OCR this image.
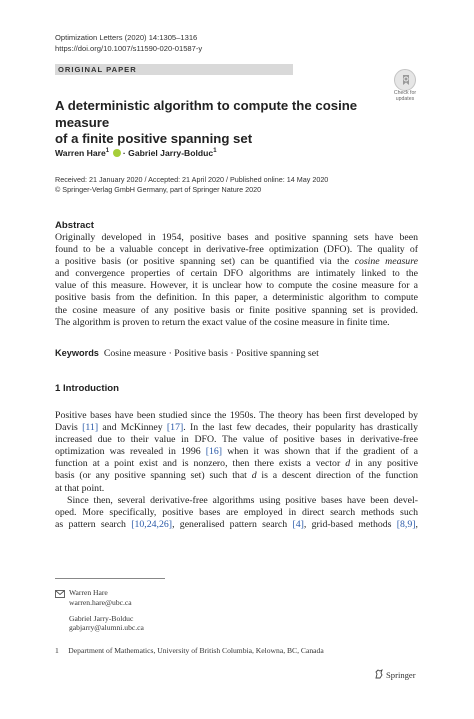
Optimization Letters (2020) 14:1305–1316
https://doi.org/10.1007/s11590-020-01587-y
ORIGINAL PAPER
Check for
updates
A deterministic algorithm to compute the cosine measure
of a finite positive spanning set
Warren Hare$^1$  · Gabriel Jarry-Bolduc$^1$
Received: 21 January 2020 / Accepted: 21 April 2020 / Published online: 14 May 2020
© Springer-Verlag GmbH Germany, part of Springer Nature 2020
Abstract
Originally developed in 1954, positive bases and positive spanning sets have been
found to be a valuable concept in derivative-free optimization (DFO). The quality of
a positive basis (or positive spanning set) can be quantified via the cosine measure
and convergence properties of certain DFO algorithms are intimately linked to the
value of this measure. However, it is unclear how to compute the cosine measure for a
positive basis from the definition. In this paper, a deterministic algorithm to compute
the cosine measure of any positive basis or finite positive spanning set is provided.
The algorithm is proven to return the exact value of the cosine measure in finite time.
Keywords Cosine measure · Positive basis · Positive spanning set
1 Introduction
Positive bases have been studied since the 1950s. The theory has been first developed by
Davis [11] and McKinney [17]. In the last few decades, their popularity has drastically
increased due to their value in DFO. The value of positive bases in derivative-free
optimization was revealed in 1996 [16] when it was shown that if the gradient of a
function at a point exist and is nonzero, then there exists a vector d in any positive
basis (or any positive spanning set) such that d is a descent direction of the function
at that point.
Since then, several derivative-free algorithms using positive bases have been devel-
oped. More specifically, positive bases are employed in direct search methods such
as pattern search [10,24,26], generalised pattern search [4], grid-based methods [8,9],
Warren Hare
warren.hare@ubc.ca
Gabriel Jarry-Bolduc
gabjarry@alumni.ubc.ca
1 Department of Mathematics, University of British Columbia, Kelowna, BC, Canada
Springer
